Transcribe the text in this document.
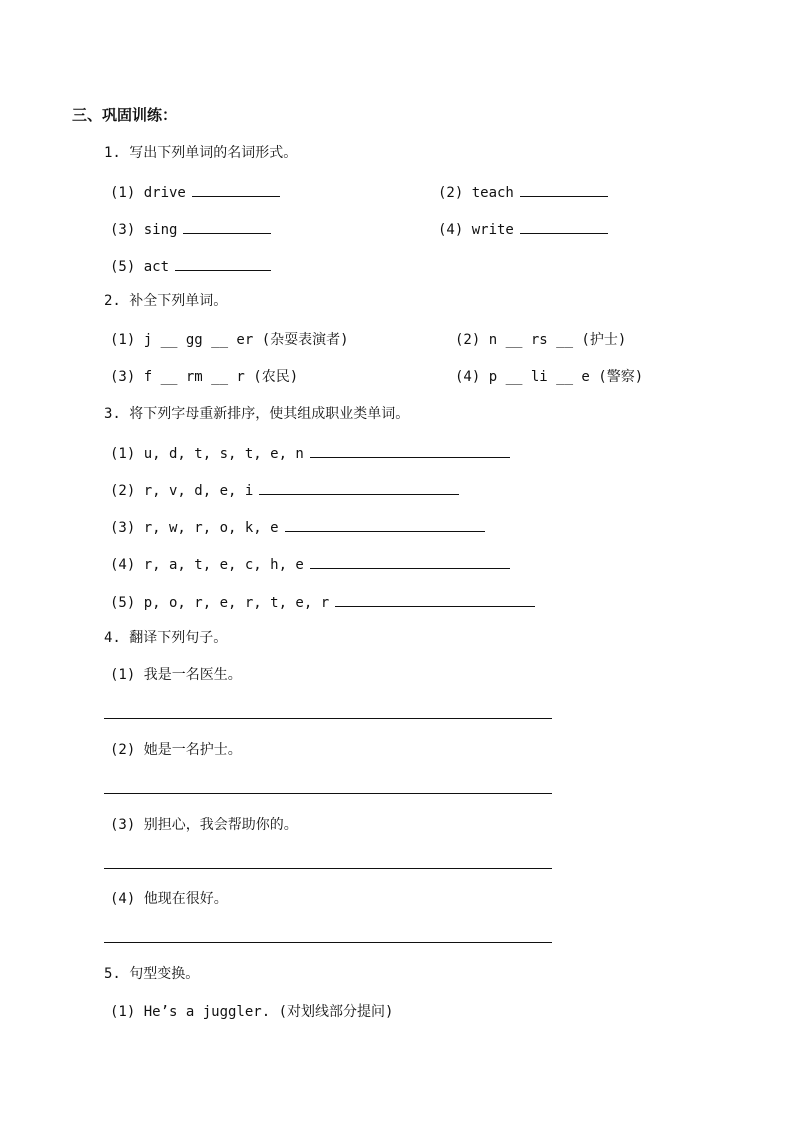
三、巩固训练：
1. 写出下列单词的名词形式。
(1) drive	(2) teach
(3) sing	(4) write
(5) act
2. 补全下列单词。
(1) j __ gg __ er (杂耍表演者)	(2) n __ rs __ (护士)
(3) f __ rm __ r (农民)	(4) p __ li __ e (警察)
3. 将下列字母重新排序，使其组成职业类单词。
(1) u, d, t, s, t, e, n
(2) r, v, d, e, i
(3) r, w, r, o, k, e
(4) r, a, t, e, c, h, e
(5) p, o, r, e, r, t, e, r
4. 翻译下列句子。
(1) 我是一名医生。
(2) 她是一名护士。
(3) 别担心，我会帮助你的。
(4) 他现在很好。
5. 句型变换。
(1) He’s a juggler. (对划线部分提问)
